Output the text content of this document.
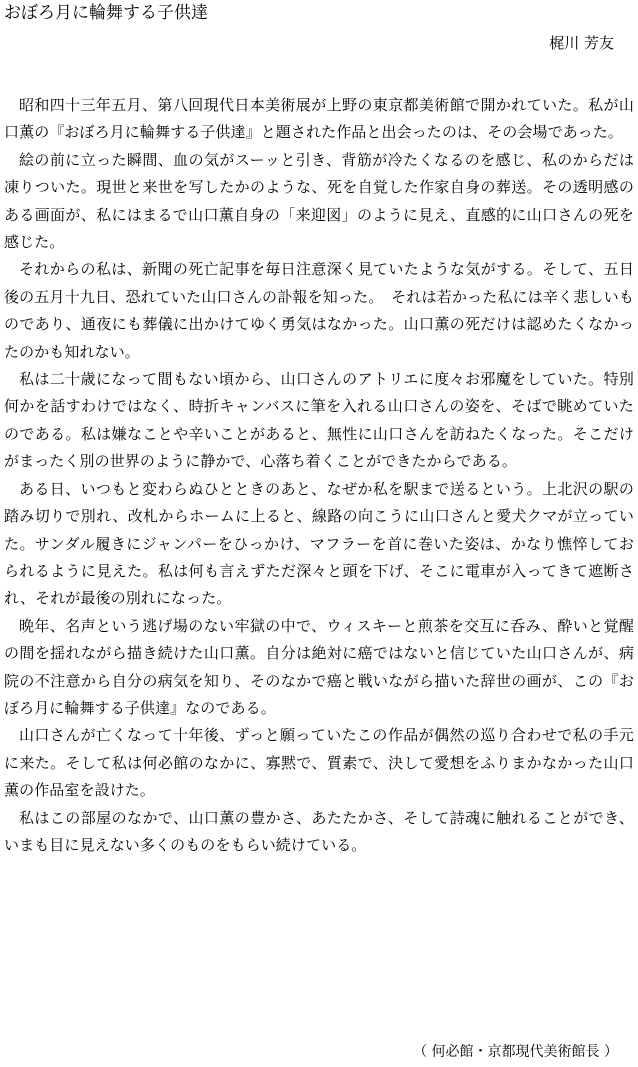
おぼろ月に輪舞する子供達
梶川 芳友

昭和四十三年五月、第八回現代日本美術展が上野の東京都美術館で開かれていた。私が山口薫の『おぼろ月に輪舞する子供達』と題された作品と出会ったのは、その会場であった。

絵の前に立った瞬間、血の気がスーッと引き、背筋が冷たくなるのを感じ、私のからだは凍りついた。現世と来世を写したかのような、死を自覚した作家自身の葬送。その透明感のある画面が、私にはまるで山口薫自身の「来迎図」のように見え、直感的に山口さんの死を感じた。

それからの私は、新聞の死亡記事を毎日注意深く見ていたような気がする。そして、五日後の五月十九日、恐れていた山口さんの訃報を知った。　それは若かった私には辛く悲しいものであり、通夜にも葬儀に出かけてゆく勇気はなかった。山口薫の死だけは認めたくなかったのかも知れない。

私は二十歳になって間もない頃から、山口さんのアトリエに度々お邪魔をしていた。特別何かを話すわけではなく、時折キャンバスに筆を入れる山口さんの姿を、そばで眺めていたのである。私は嫌なことや辛いことがあると、無性に山口さんを訪ねたくなった。そこだけがまったく別の世界のように静かで、心落ち着くことができたからである。

ある日、いつもと変わらぬひとときのあと、なぜか私を駅まで送るという。上北沢の駅の踏み切りで別れ、改札からホームに上ると、線路の向こうに山口さんと愛犬クマが立っていた。サンダル履きにジャンパーをひっかけ、マフラーを首に巻いた姿は、かなり憔悴しておられるように見えた。私は何も言えずただ深々と頭を下げ、そこに電車が入ってきて遮断され、それが最後の別れになった。

晩年、名声という逃げ場のない牢獄の中で、ウィスキーと煎茶を交互に呑み、酔いと覚醒の間を揺れながら描き続けた山口薫。自分は絶対に癌ではないと信じていた山口さんが、病院の不注意から自分の病気を知り、そのなかで癌と戦いながら描いた辞世の画が、この『おぼろ月に輪舞する子供達』なのである。

山口さんが亡くなって十年後、ずっと願っていたこの作品が偶然の巡り合わせで私の手元に来た。そして私は何必館のなかに、寡黙で、質素で、決して愛想をふりまかなかった山口薫の作品室を設けた。

私はこの部屋のなかで、山口薫の豊かさ、あたたかさ、そして詩魂に触れることができ、いまも目に見えない多くのものをもらい続けている。

（ 何必館・京都現代美術館長 ）
